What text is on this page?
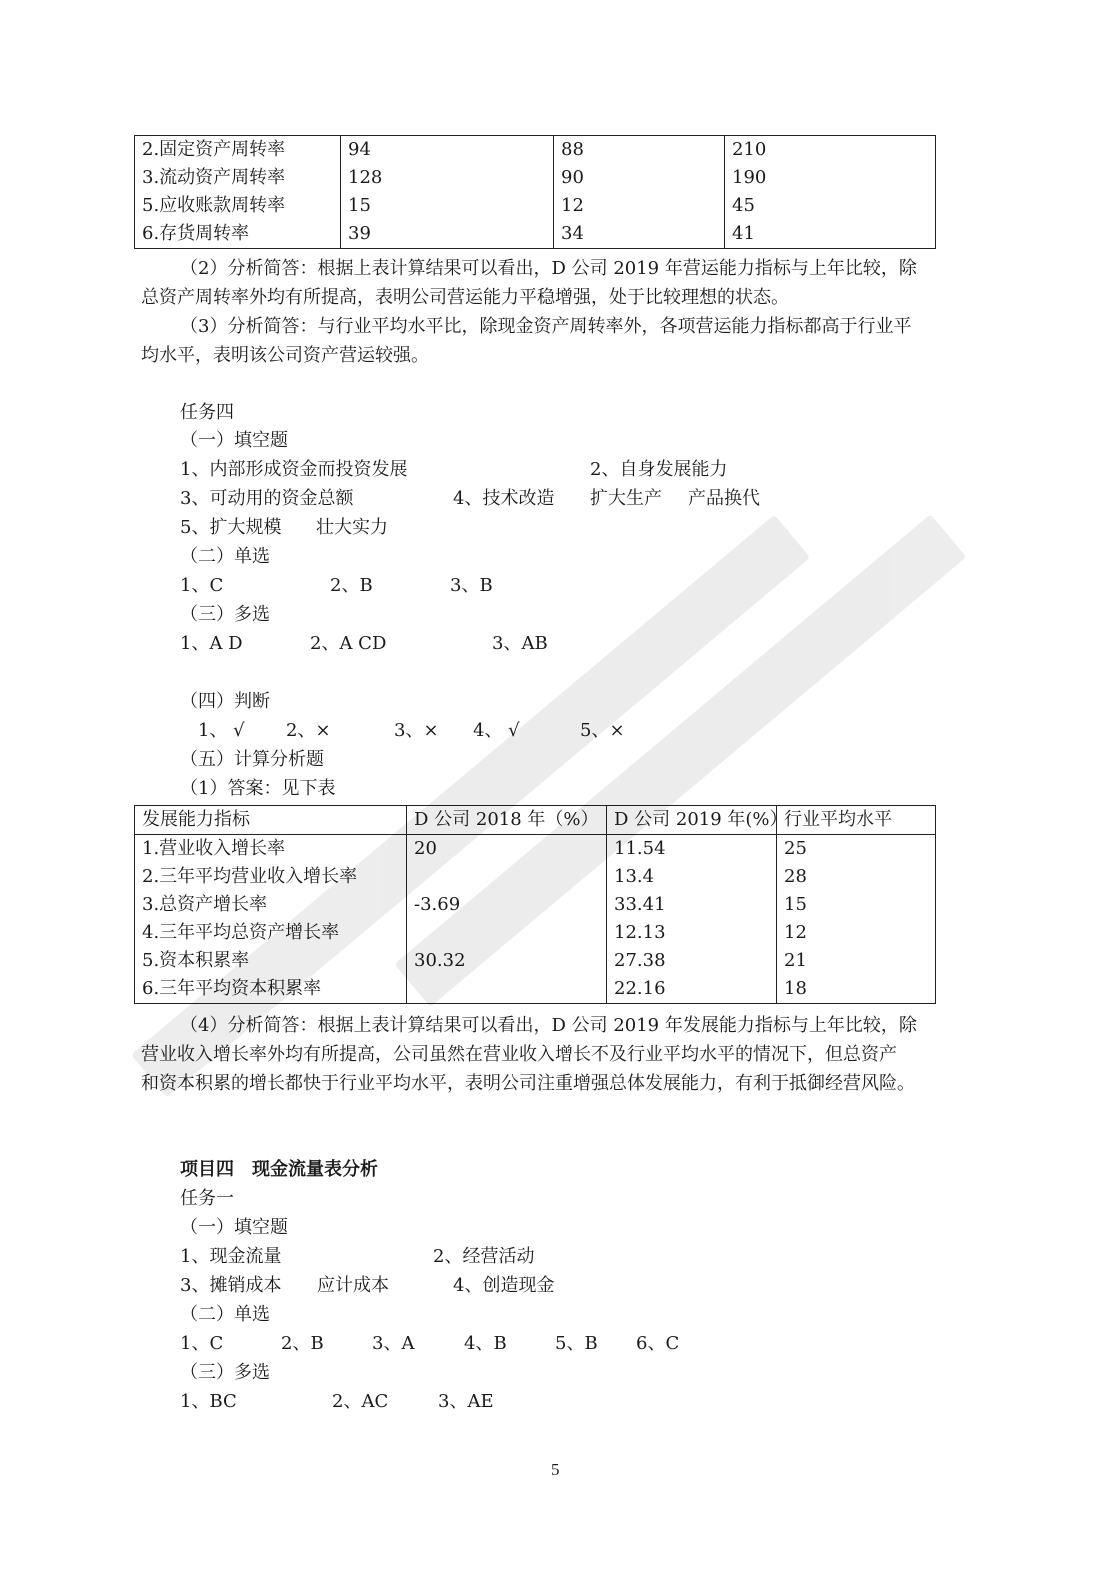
2.固定资产周转率	94	88	210
3.流动资产周转率	128	90	190
5.应收账款周转率	15	12	45
6.存货周转率	39	34	41
（2）分析简答：根据上表计算结果可以看出，D 公司 2019 年营运能力指标与上年比较，除
总资产周转率外均有所提高，表明公司营运能力平稳增强，处于比较理想的状态。
（3）分析简答：与行业平均水平比，除现金资产周转率外，各项营运能力指标都高于行业平
均水平，表明该公司资产营运较强。
任务四
（一）填空题
1、内部形成资金而投资发展	2、自身发展能力
3、可动用的资金总额	4、技术改造 扩大生产 产品换代
5、扩大规模 壮大实力
（二）单选
1、C	2、B	3、B
（三）多选
1、A D	2、A CD	3、AB
（四）判断
1、 √ 2、×	3、× 4、 √	5、×
（五）计算分析题
（1）答案：见下表
发展能力指标	D 公司 2018 年（%）	D 公司 2019 年(%）	行业平均水平
1.营业收入增长率	20	11.54	25
2.三年平均营业收入增长率		13.4	28
3.总资产增长率	-3.69	33.41	15
4.三年平均总资产增长率		12.13	12
5.资本积累率	30.32	27.38	21
6.三年平均资本积累率		22.16	18
（4）分析简答：根据上表计算结果可以看出，D 公司 2019 年发展能力指标与上年比较，除
营业收入增长率外均有所提高，公司虽然在营业收入增长不及行业平均水平的情况下，但总资产
和资本积累的增长都快于行业平均水平，表明公司注重增强总体发展能力，有利于抵御经营风险。
项目四　现金流量表分析
任务一
（一）填空题
1、现金流量	2、经营活动
3、摊销成本 应计成本	4、创造现金
（二）单选
1、C	2、B	3、A	4、B	5、B 6、C
（三）多选
1、BC	2、AC	3、AE
5
